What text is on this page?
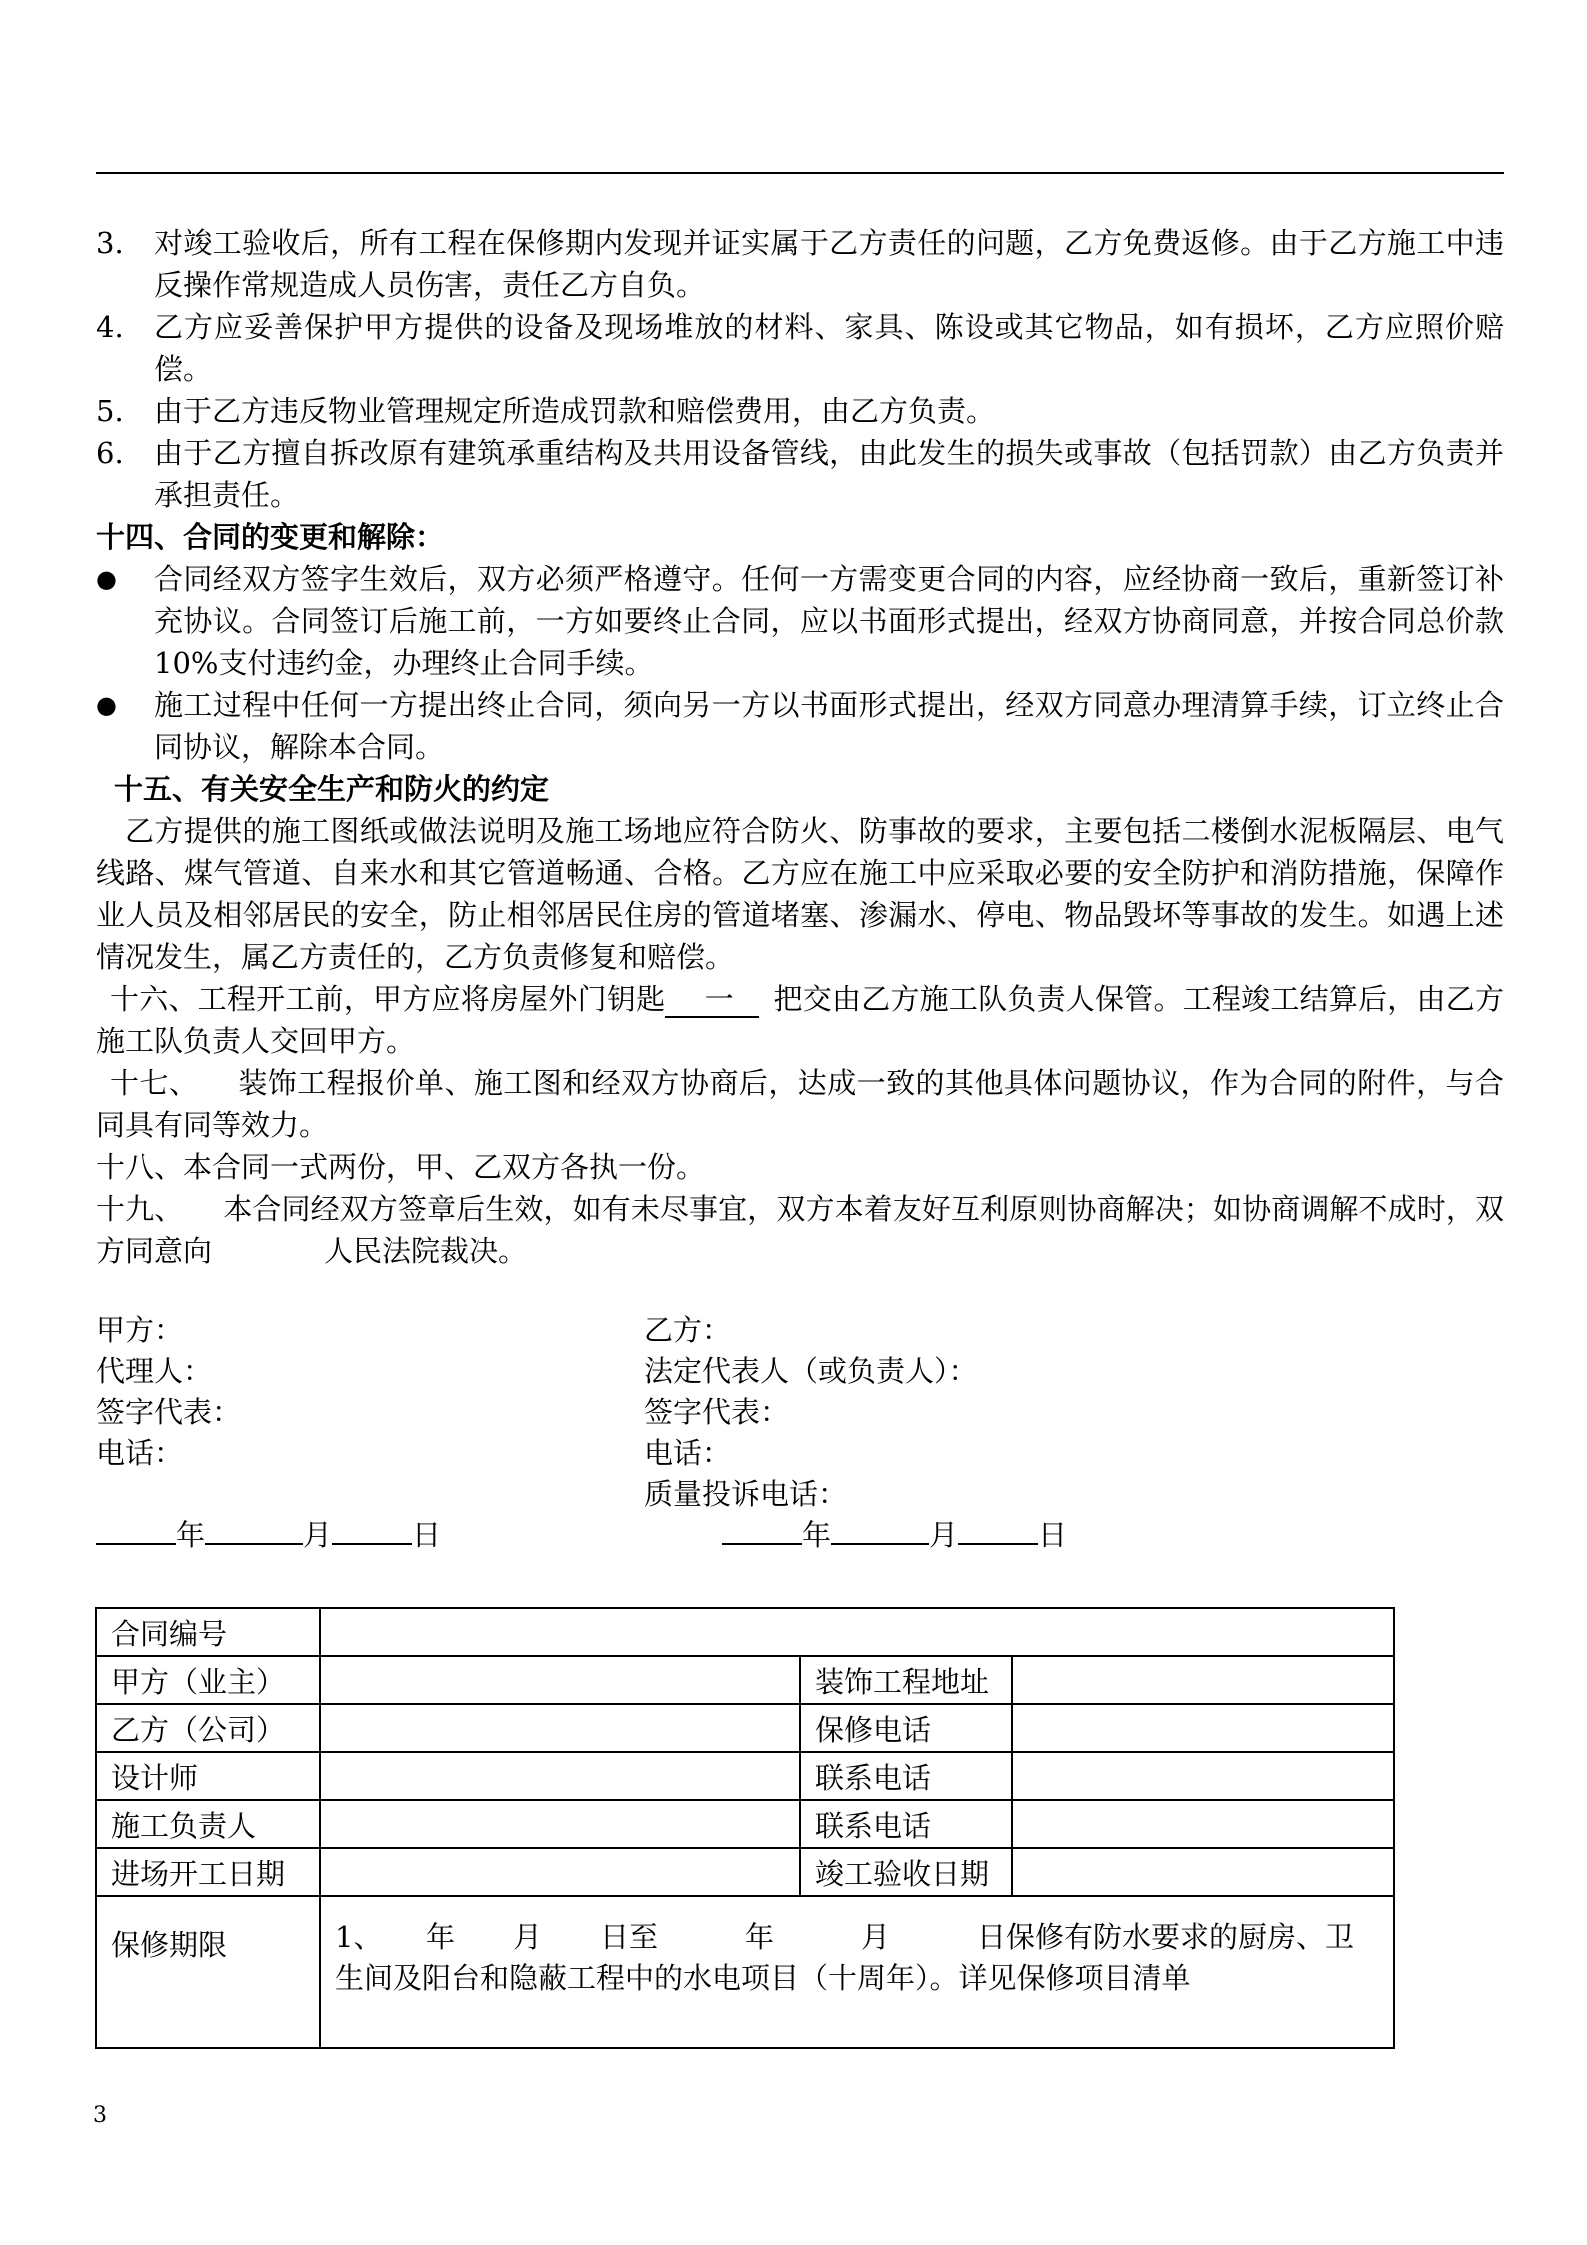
3.	对竣工验收后，所有工程在保修期内发现并证实属于乙方责任的问题，乙方免费返修。由于乙方施工中违反操作常规造成人员伤害，责任乙方自负。
4.	乙方应妥善保护甲方提供的设备及现场堆放的材料、家具、陈设或其它物品，如有损坏，乙方应照价赔偿。
5.	由于乙方违反物业管理规定所造成罚款和赔偿费用，由乙方负责。
6.	由于乙方擅自拆改原有建筑承重结构及共用设备管线，由此发生的损失或事故（包括罚款）由乙方负责并承担责任。
十四、合同的变更和解除：
●	合同经双方签字生效后，双方必须严格遵守。任何一方需变更合同的内容，应经协商一致后，重新签订补充协议。合同签订后施工前，一方如要终止合同，应以书面形式提出，经双方协商同意，并按合同总价款 10%支付违约金，办理终止合同手续。
●	施工过程中任何一方提出终止合同，须向另一方以书面形式提出，经双方同意办理清算手续，订立终止合同协议，解除本合同。
十五、有关安全生产和防火的约定

乙方提供的施工图纸或做法说明及施工场地应符合防火、防事故的要求，主要包括二楼倒水泥板隔层、电气线路、煤气管道、自来水和其它管道畅通、合格。乙方应在施工中应采取必要的安全防护和消防措施，保障作业人员及相邻居民的安全，防止相邻居民住房的管道堵塞、渗漏水、停电、物品毁坏等事故的发生。如遇上述情况发生，属乙方责任的，乙方负责修复和赔偿。

十六、工程开工前，甲方应将房屋外门钥匙 一 把交由乙方施工队负责人保管。工程竣工结算后，由乙方施工队负责人交回甲方。

十七、 装饰工程报价单、施工图和经双方协商后，达成一致的其他具体问题协议，作为合同的附件，与合同具有同等效力。

十八、本合同一式两份，甲、乙双方各执一份。

十九、 本合同经双方签章后生效，如有未尽事宜，双方本着友好互利原则协商解决；如协商调解不成时，双方同意向	人民法院裁决。

甲方：	乙方：
代理人：	法定代表人（或负责人）：
签字代表：	签字代表：
电话：	电话：
质量投诉电话：
年	月	日	年	月	日
合同编号			
甲方（业主）		装饰工程地址	
乙方（公司）		保修电话	
设计师		联系电话	
施工负责人		联系电话	
进场开工日期		竣工验收日期	
保修期限	1、　　年　　月　　日至　　　年　　　月　　　日保修有防水要求的厨房、卫生间及阳台和隐蔽工程中的水电项目（十周年）。详见保修项目清单		
3
